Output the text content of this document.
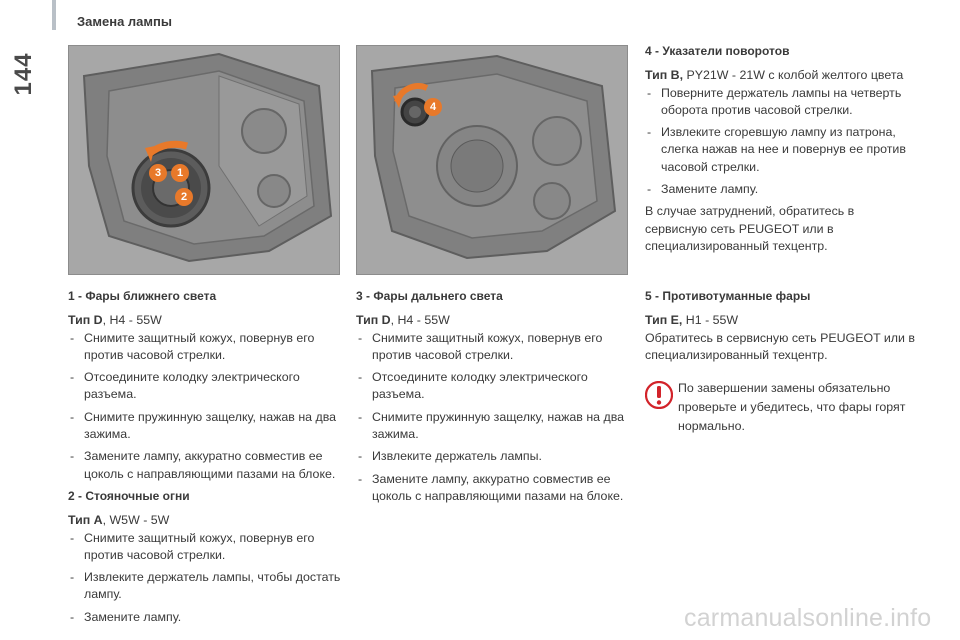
144
Замена лампы
3	1
2
4
1 - Фары ближнего света

Тип D, H4 - 55W

- Снимите защитный кожух, повернув его против часовой стрелки.
- Отсоедините колодку электрического разъема.
- Снимите пружинную защелку, нажав на два зажима.
- Замените лампу, аккуратно совместив ее цоколь с направляющими пазами на блоке.
2 - Стояночные огни

Тип A, W5W - 5W

- Снимите защитный кожух, повернув его против часовой стрелки.
- Извлеките держатель лампы, чтобы достать лампу.
- Замените лампу.
3 - Фары дальнего света

Тип D, H4 - 55W

- Снимите защитный кожух, повернув его против часовой стрелки.
- Отсоедините колодку электрического разъема.
- Снимите пружинную защелку, нажав на два зажима.
- Извлеките держатель лампы.
- Замените лампу, аккуратно совместив ее цоколь с направляющими пазами на блоке.
4 - Указатели поворотов

Тип B, PY21W - 21W с колбой желтого цвета

- Поверните держатель лампы на четверть оборота против часовой стрелки.
- Извлеките сгоревшую лампу из патрона, слегка нажав на нее и повернув ее против часовой стрелки.
- Замените лампу.

В случае затруднений, обратитесь в сервисную сеть PEUGEOT или в специализированный техцентр.

5 - Противотуманные фары

Тип E, H1 - 55W

Обратитесь в сервисную сеть PEUGEOT или в специализированный техцентр.

По завершении замены обязательно проверьте и убедитесь, что фары горят нормально.
carmanualsonline.info
